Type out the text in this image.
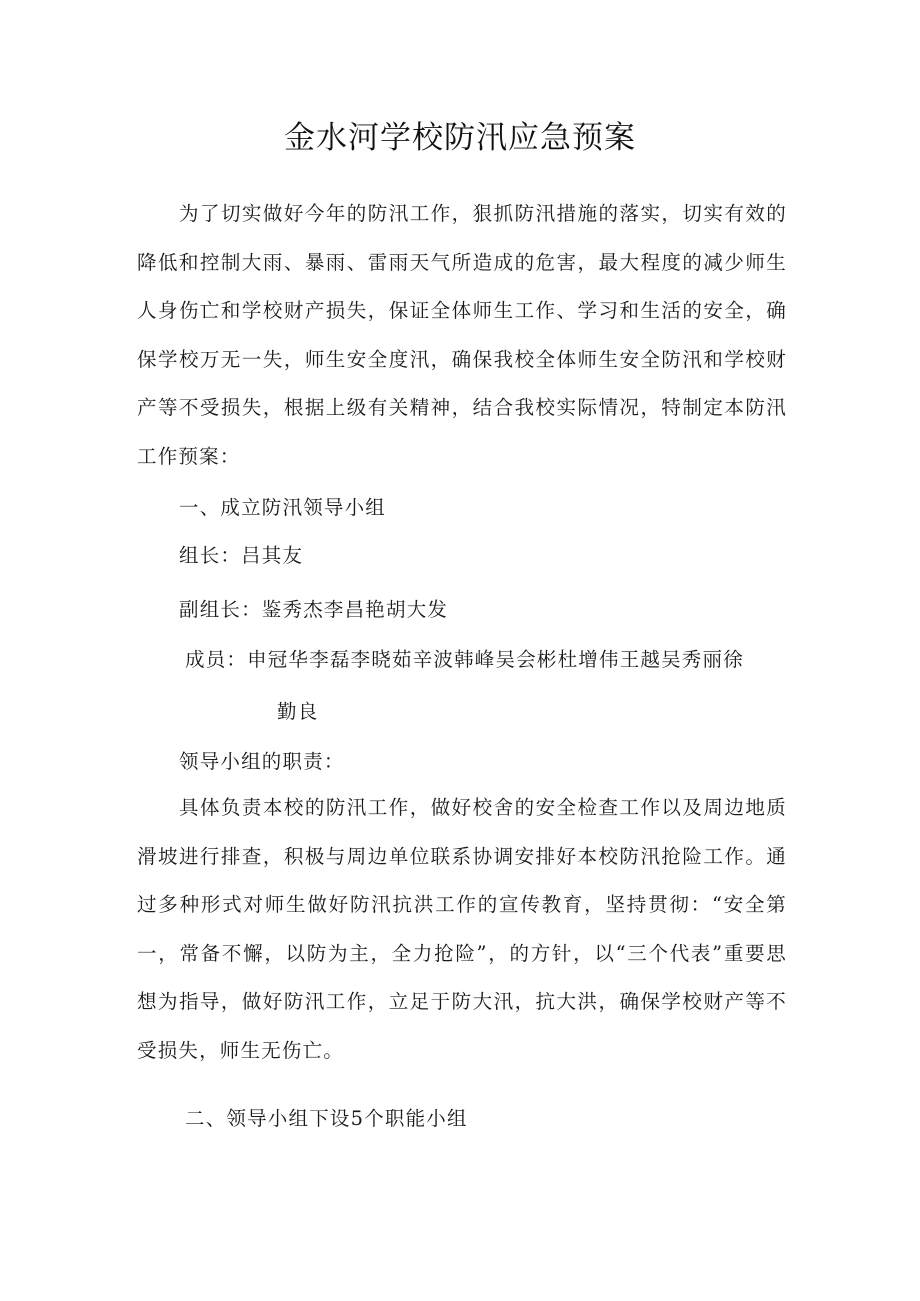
金水河学校防汛应急预案

为了切实做好今年的防汛工作，狠抓防汛措施的落实，切实有效的降低和控制大雨、暴雨、雷雨天气所造成的危害，最大程度的减少师生人身伤亡和学校财产损失，保证全体师生工作、学习和生活的安全，确保学校万无一失，师生安全度汛，确保我校全体师生安全防汛和学校财产等不受损失，根据上级有关精神，结合我校实际情况，特制定本防汛工作预案：

一、成立防汛领导小组

组长：吕其友

副组长：鉴秀杰李昌艳胡大发

成员：申冠华李磊李晓茹辛波韩峰吴会彬杜增伟王越吴秀丽徐

勤良

领导小组的职责：

具体负责本校的防汛工作，做好校舍的安全检查工作以及周边地质滑坡进行排查，积极与周边单位联系协调安排好本校防汛抢险工作。通过多种形式对师生做好防汛抗洪工作的宣传教育，坚持贯彻：“安全第一，常备不懈，以防为主，全力抢险”，的方针，以“三个代表”重要思想为指导，做好防汛工作，立足于防大汛，抗大洪，确保学校财产等不受损失，师生无伤亡。

二、领导小组下设5个职能小组
